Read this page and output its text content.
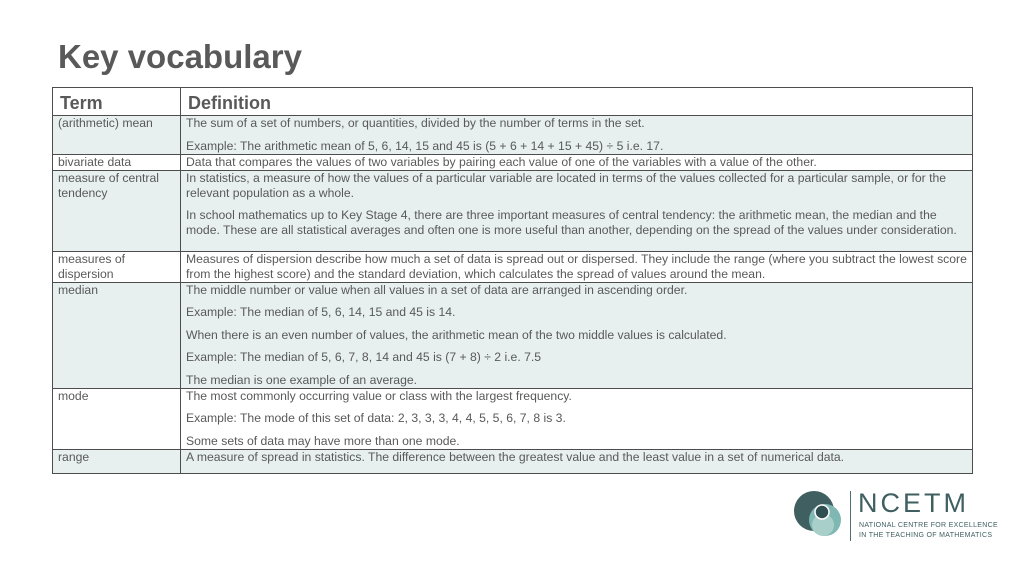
Key vocabulary
Term	Definition
(arithmetic) mean	The sum of a set of numbers, or quantities, divided by the number of terms in the set.

Example: The arithmetic mean of 5, 6, 14, 15 and 45 is (5 + 6 + 14 + 15 + 45) ÷ 5 i.e. 17.

bivariate data	Data that compares the values of two variables by pairing each value of one of the variables with a value of the other.

measure of central tendency	In statistics, a measure of how the values of a particular variable are located in terms of the values collected for a particular sample, or for the relevant population as a whole.

In school mathematics up to Key Stage 4, there are three important measures of central tendency: the arithmetic mean, the median and the mode. These are all statistical averages and often one is more useful than another, depending on the spread of the values under consideration.

measures of dispersion	Measures of dispersion describe how much a set of data is spread out or dispersed. They include the range (where you subtract the lowest score from the highest score) and the standard deviation, which calculates the spread of values around the mean.

median	The middle number or value when all values in a set of data are arranged in ascending order.

Example: The median of 5, 6, 14, 15 and 45 is 14.

When there is an even number of values, the arithmetic mean of the two middle values is calculated.

Example: The median of 5, 6, 7, 8, 14 and 45 is (7 + 8) ÷ 2 i.e. 7.5

The median is one example of an average.

mode	The most commonly occurring value or class with the largest frequency.

Example: The mode of this set of data: 2, 3, 3, 3, 4, 4, 5, 5, 6, 7, 8 is 3.

Some sets of data may have more than one mode.

range	A measure of spread in statistics. The difference between the greatest value and the least value in a set of numerical data.

NCETM
NATIONAL CENTRE FOR EXCELLENCE
IN THE TEACHING OF MATHEMATICS
